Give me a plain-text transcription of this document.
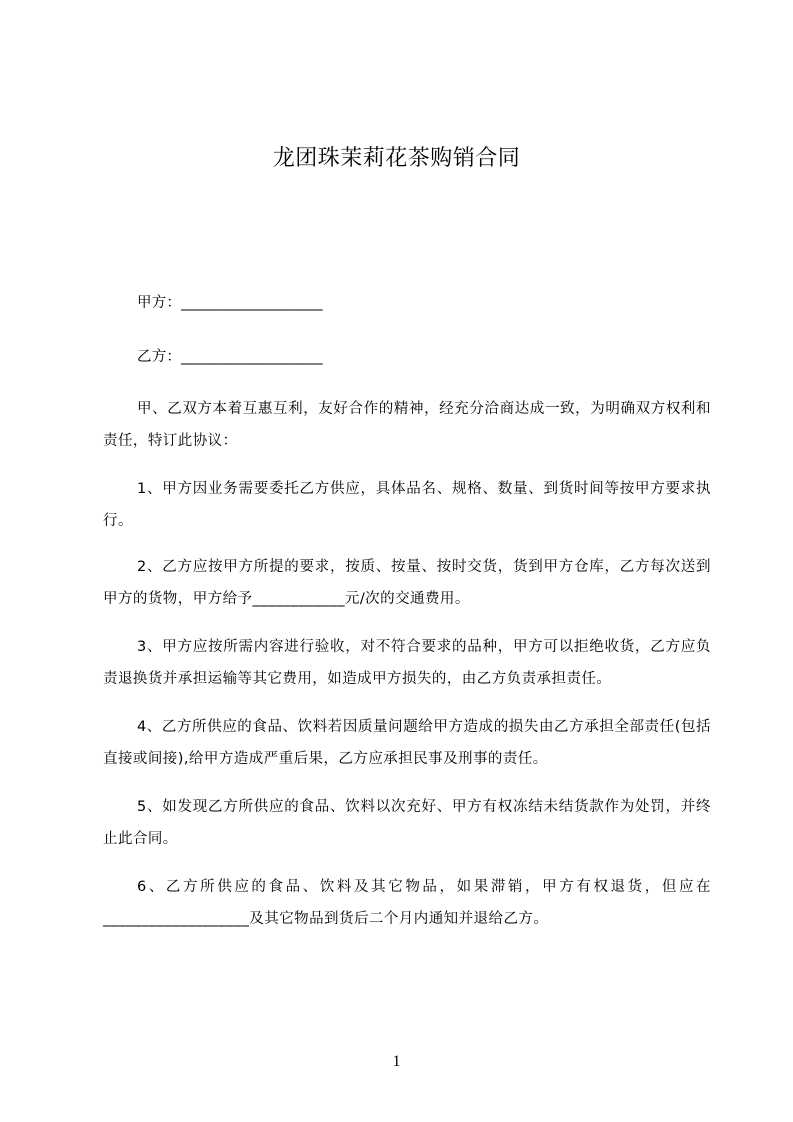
龙团珠茉莉花茶购销合同
甲方：___________________
乙方：___________________
甲、乙双方本着互惠互利，友好合作的精神，经充分洽商达成一致，为明确双方权利和责任，特订此协议：
1、甲方因业务需要委托乙方供应，具体品名、规格、数量、到货时间等按甲方要求执行。
2、乙方应按甲方所提的要求，按质、按量、按时交货，货到甲方仓库，乙方每次送到甲方的货物，甲方给予____________元/次的交通费用。
3、甲方应按所需内容进行验收，对不符合要求的品种，甲方可以拒绝收货，乙方应负责退换货并承担运输等其它费用，如造成甲方损失的，由乙方负责承担责任。
4、乙方所供应的食品、饮料若因质量问题给甲方造成的损失由乙方承担全部责任(包括直接或间接),给甲方造成严重后果，乙方应承担民事及刑事的责任。
5、如发现乙方所供应的食品、饮料以次充好、甲方有权冻结未结货款作为处罚，并终止此合同。
6、乙方所供应的食品、饮料及其它物品，如果滞销，甲方有权退货，但应在___________________及其它物品到货后二个月内通知并退给乙方。
1
